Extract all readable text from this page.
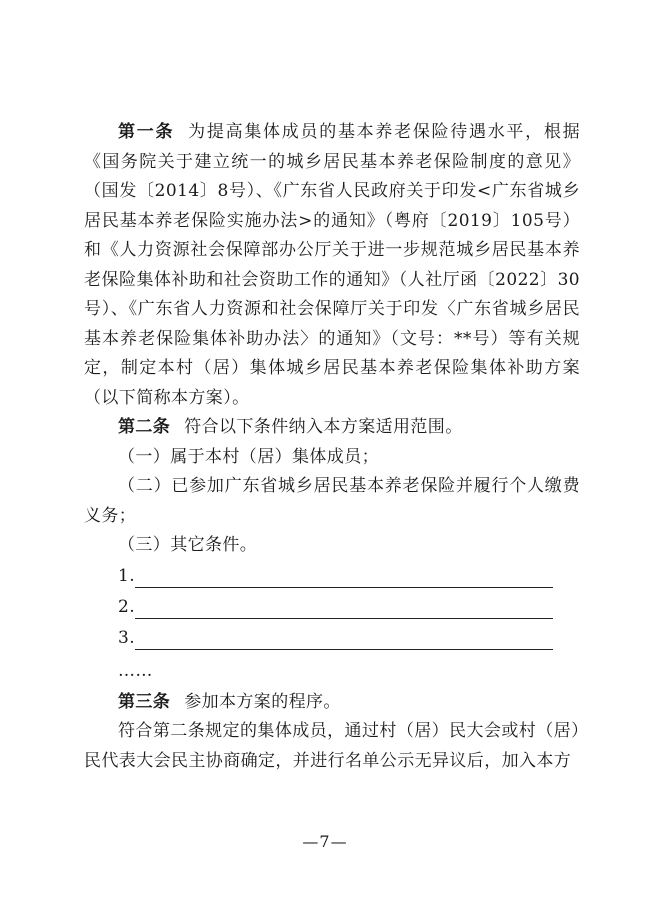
第一条 为提高集体成员的基本养老保险待遇水平，根据《国务院关于建立统一的城乡居民基本养老保险制度的意见》（国发〔2014〕8号）、《广东省人民政府关于印发<广东省城乡居民基本养老保险实施办法>的通知》（粤府〔2019〕105号）和《人力资源社会保障部办公厅关于进一步规范城乡居民基本养老保险集体补助和社会资助工作的通知》（人社厅函〔2022〕30 号）、《广东省人力资源和社会保障厅关于印发〈广东省城乡居民基本养老保险集体补助办法〉的通知》（文号：**号）等有关规定，制定本村（居）集体城乡居民基本养老保险集体补助方案（以下简称本方案）。

第二条 符合以下条件纳入本方案适用范围。

（一）属于本村（居）集体成员；

（二）已参加广东省城乡居民基本养老保险并履行个人缴费义务；

（三）其它条件。

1.
2.
3.
……

第三条 参加本方案的程序。

符合第二条规定的集体成员，通过村（居）民大会或村（居）民代表大会民主协商确定，并进行名单公示无异议后，加入本方

—7—
